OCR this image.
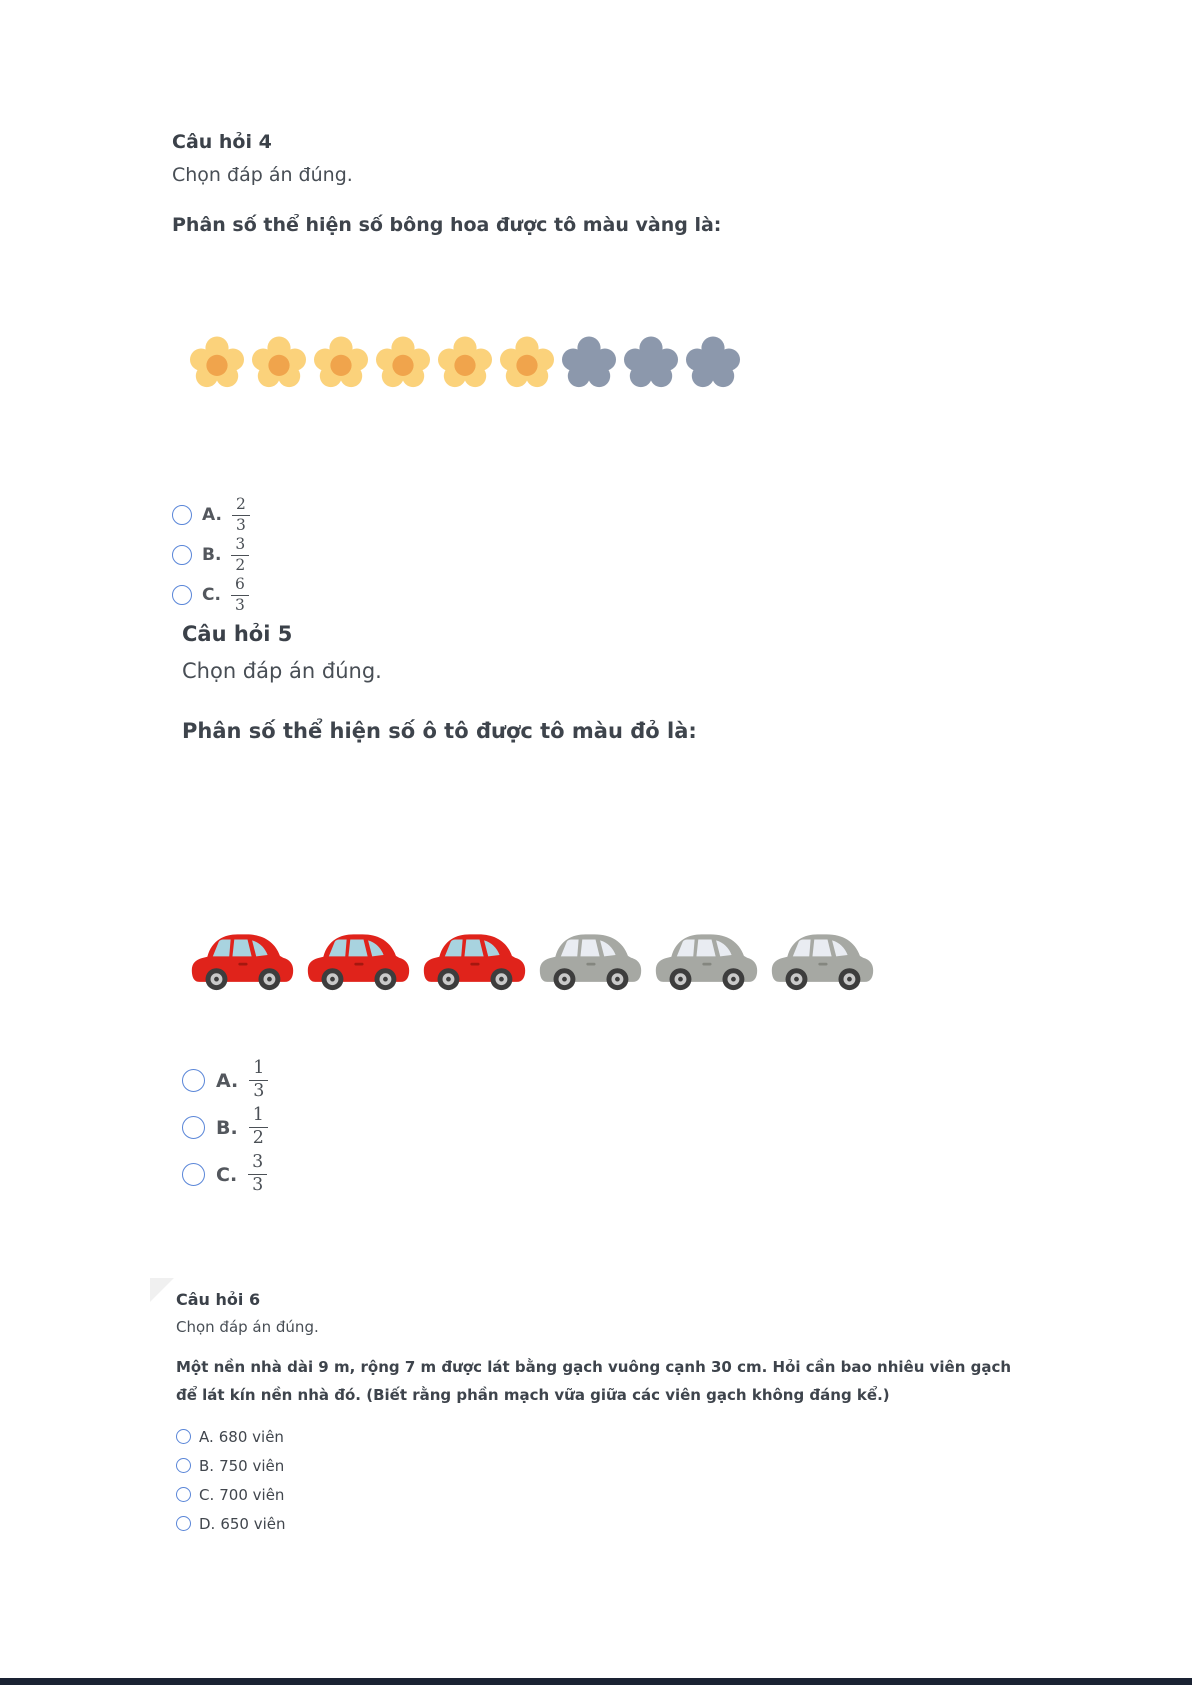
Câu hỏi 4
Chọn đáp án đúng.
Phân số thể hiện số bông hoa được tô màu vàng là:
A. $\frac{2}{3}$
B. $\frac{3}{2}$
C. $\frac{6}{3}$
Câu hỏi 5
Chọn đáp án đúng.
Phân số thể hiện số ô tô được tô màu đỏ là:
A. $\frac{1}{3}$
B. $\frac{1}{2}$
C. $\frac{3}{3}$
Câu hỏi 6
Chọn đáp án đúng.
Một nền nhà dài 9 m, rộng 7 m được lát bằng gạch vuông cạnh 30 cm. Hỏi cần bao nhiêu viên gạch để lát kín nền nhà đó. (Biết rằng phần mạch vữa giữa các viên gạch không đáng kể.)
A. 680 viên
B. 750 viên
C. 700 viên
D. 650 viên
